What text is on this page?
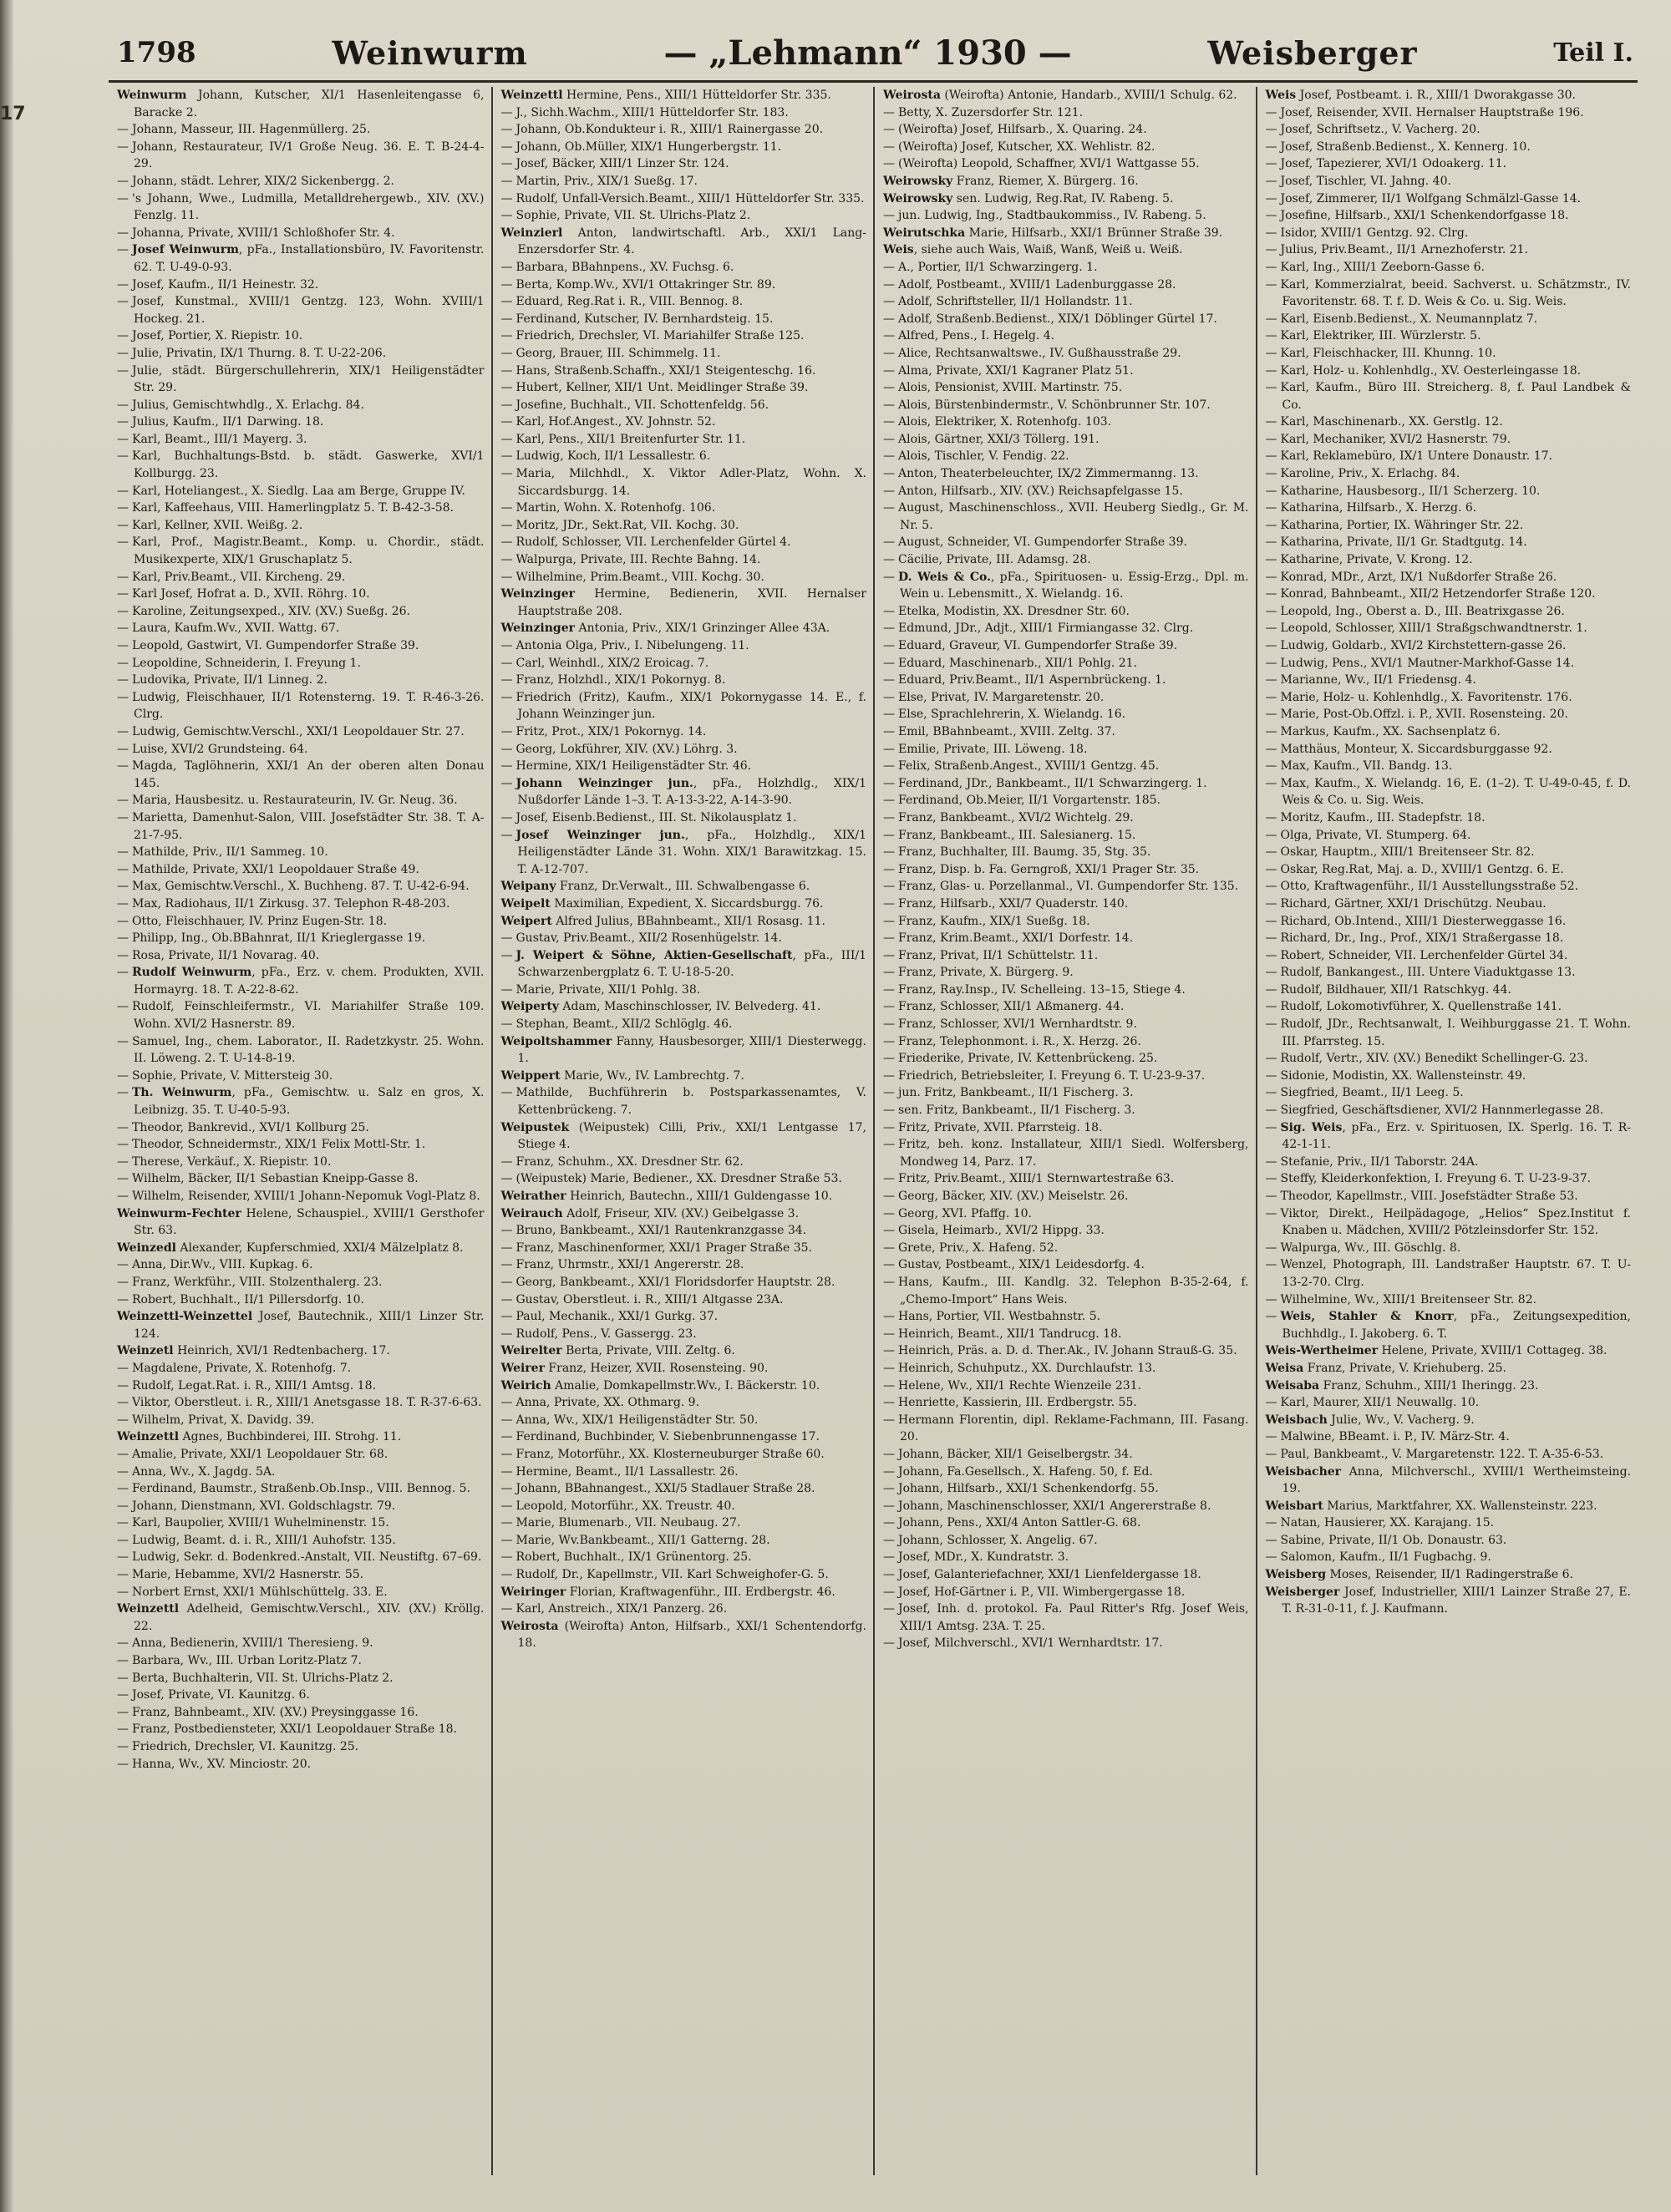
17
1798	Weinwurm	— „Lehmann“ 1930 —	Weisberger	Teil I.

Weinwurm Johann, Kutscher, XI/1 Hasenleitengasse 6, Baracke 2.

— Johann, Masseur, III. Hagenmüllerg. 25.

— Johann, Restaurateur, IV/1 Große Neug. 36. E. T. B-24-4-29.

— Johann, städt. Lehrer, XIX/2 Sickenbergg. 2.

— 's Johann, Wwe., Ludmilla, Metalldrehergewb., XIV. (XV.) Fenzlg. 11.

— Johanna, Private, XVIII/1 Schloßhofer Str. 4.

— Josef Weinwurm, pFa., Installationsbüro, IV. Favoritenstr. 62. T. U-49-0-93.

— Josef, Kaufm., II/1 Heinestr. 32.

— Josef, Kunstmal., XVIII/1 Gentzg. 123, Wohn. XVIII/1 Hockeg. 21.

— Josef, Portier, X. Riepistr. 10.

— Julie, Privatin, IX/1 Thurng. 8. T. U-22-206.

— Julie, städt. Bürgerschullehrerin, XIX/1 Heiligenstädter Str. 29.

— Julius, Gemischtwhdlg., X. Erlachg. 84.

— Julius, Kaufm., II/1 Darwing. 18.

— Karl, Beamt., III/1 Mayerg. 3.

— Karl, Buchhaltungs-Bstd. b. städt. Gaswerke, XVI/1 Kollburgg. 23.

— Karl, Hoteliangest., X. Siedlg. Laa am Berge, Gruppe IV.

— Karl, Kaffeehaus, VIII. Hamerlingplatz 5. T. B-42-3-58.

— Karl, Kellner, XVII. Weißg. 2.

— Karl, Prof., Magistr.Beamt., Komp. u. Chordir., städt. Musikexperte, XIX/1 Gruschaplatz 5.

— Karl, Priv.Beamt., VII. Kircheng. 29.

— Karl Josef, Hofrat a. D., XVII. Röhrg. 10.

— Karoline, Zeitungsexped., XIV. (XV.) Sueßg. 26.

— Laura, Kaufm.Wv., XVII. Wattg. 67.

— Leopold, Gastwirt, VI. Gumpendorfer Straße 39.

— Leopoldine, Schneiderin, I. Freyung 1.

— Ludovika, Private, II/1 Linneg. 2.

— Ludwig, Fleischhauer, II/1 Rotensterng. 19. T. R-46-3-26. Clrg.

— Ludwig, Gemischtw.Verschl., XXI/1 Leopoldauer Str. 27.

— Luise, XVI/2 Grundsteing. 64.

— Magda, Taglöhnerin, XXI/1 An der oberen alten Donau 145.

— Maria, Hausbesitz. u. Restaurateurin, IV. Gr. Neug. 36.

— Marietta, Damenhut-Salon, VIII. Josefstädter Str. 38. T. A-21-7-95.

— Mathilde, Priv., II/1 Sammeg. 10.

— Mathilde, Private, XXI/1 Leopoldauer Straße 49.

— Max, Gemischtw.Verschl., X. Buchheng. 87. T. U-42-6-94.

— Max, Radiohaus, II/1 Zirkusg. 37. Telephon R-48-203.

— Otto, Fleischhauer, IV. Prinz Eugen-Str. 18.

— Philipp, Ing., Ob.BBahnrat, II/1 Krieglergasse 19.

— Rosa, Private, II/1 Novarag. 40.

— Rudolf Weinwurm, pFa., Erz. v. chem. Produkten, XVII. Hormayrg. 18. T. A-22-8-62.

— Rudolf, Feinschleifermstr., VI. Mariahilfer Straße 109. Wohn. XVI/2 Hasnerstr. 89.

— Samuel, Ing., chem. Laborator., II. Radetzkystr. 25. Wohn. II. Löweng. 2. T. U-14-8-19.

— Sophie, Private, V. Mittersteig 30.

— Th. Weinwurm, pFa., Gemischtw. u. Salz en gros, X. Leibnizg. 35. T. U-40-5-93.

— Theodor, Bankrevid., XVI/1 Kollburg 25.

— Theodor, Schneidermstr., XIX/1 Felix Mottl-Str. 1.

— Therese, Verkäuf., X. Riepistr. 10.

— Wilhelm, Bäcker, II/1 Sebastian Kneipp-Gasse 8.

— Wilhelm, Reisender, XVIII/1 Johann-Nepomuk Vogl-Platz 8.

Weinwurm-Fechter Helene, Schauspiel., XVIII/1 Gersthofer Str. 63.

Weinzedl Alexander, Kupferschmied, XXI/4 Mälzelplatz 8.

— Anna, Dir.Wv., VIII. Kupkag. 6.

— Franz, Werkführ., VIII. Stolzenthalerg. 23.

— Robert, Buchhalt., II/1 Pillersdorfg. 10.

Weinzettl-Weinzettel Josef, Bautechnik., XIII/1 Linzer Str. 124.

Weinzetl Heinrich, XVI/1 Redtenbacherg. 17.

— Magdalene, Private, X. Rotenhofg. 7.

— Rudolf, Legat.Rat. i. R., XIII/1 Amtsg. 18.

— Viktor, Oberstleut. i. R., XIII/1 Anetsgasse 18. T. R-37-6-63.

— Wilhelm, Privat, X. Davidg. 39.

Weinzettl Agnes, Buchbinderei, III. Strohg. 11.

— Amalie, Private, XXI/1 Leopoldauer Str. 68.

— Anna, Wv., X. Jagdg. 5A.

— Ferdinand, Baumstr., Straßenb.Ob.Insp., VIII. Bennog. 5.

— Johann, Dienstmann, XVI. Goldschlagstr. 79.

— Karl, Baupolier, XVIII/1 Wuhelminenstr. 15.

— Ludwig, Beamt. d. i. R., XIII/1 Auhofstr. 135.

— Ludwig, Sekr. d. Bodenkred.-Anstalt, VII. Neustiftg. 67–69.

— Marie, Hebamme, XVI/2 Hasnerstr. 55.

— Norbert Ernst, XXI/1 Mühlschüttelg. 33. E.

Weinzettl Adelheid, Gemischtw.Verschl., XIV. (XV.) Kröllg. 22.

— Anna, Bedienerin, XVIII/1 Theresieng. 9.

— Barbara, Wv., III. Urban Loritz-Platz 7.

— Berta, Buchhalterin, VII. St. Ulrichs-Platz 2.

— Josef, Private, VI. Kaunitzg. 6.

— Franz, Bahnbeamt., XIV. (XV.) Preysinggasse 16.

— Franz, Postbediensteter, XXI/1 Leopoldauer Straße 18.

— Friedrich, Drechsler, VI. Kaunitzg. 25.

— Hanna, Wv., XV. Minciostr. 20.

Weinzettl Hermine, Pens., XIII/1 Hütteldorfer Str. 335.

— J., Sichh.Wachm., XIII/1 Hütteldorfer Str. 183.

— Johann, Ob.Kondukteur i. R., XIII/1 Rainergasse 20.

— Johann, Ob.Müller, XIX/1 Hungerbergstr. 11.

— Josef, Bäcker, XIII/1 Linzer Str. 124.

— Martin, Priv., XIX/1 Sueßg. 17.

— Rudolf, Unfall-Versich.Beamt., XIII/1 Hütteldorfer Str. 335.

— Sophie, Private, VII. St. Ulrichs-Platz 2.

Weinzierl Anton, landwirtschaftl. Arb., XXI/1 Lang-Enzersdorfer Str. 4.

— Barbara, BBahnpens., XV. Fuchsg. 6.

— Berta, Komp.Wv., XVI/1 Ottakringer Str. 89.

— Eduard, Reg.Rat i. R., VIII. Bennog. 8.

— Ferdinand, Kutscher, IV. Bernhardsteig. 15.

— Friedrich, Drechsler, VI. Mariahilfer Straße 125.

— Georg, Brauer, III. Schimmelg. 11.

— Hans, Straßenb.Schaffn., XXI/1 Steigenteschg. 16.

— Hubert, Kellner, XII/1 Unt. Meidlinger Straße 39.

— Josefine, Buchhalt., VII. Schottenfeldg. 56.

— Karl, Hof.Angest., XV. Johnstr. 52.

— Karl, Pens., XII/1 Breitenfurter Str. 11.

— Ludwig, Koch, II/1 Lessallestr. 6.

— Maria, Milchhdl., X. Viktor Adler-Platz, Wohn. X. Siccardsburgg. 14.

— Martin, Wohn. X. Rotenhofg. 106.

— Moritz, JDr., Sekt.Rat, VII. Kochg. 30.

— Rudolf, Schlosser, VII. Lerchenfelder Gürtel 4.

— Walpurga, Private, III. Rechte Bahng. 14.

— Wilhelmine, Prim.Beamt., VIII. Kochg. 30.

Weinzinger Hermine, Bedienerin, XVII. Hernalser Hauptstraße 208.

Weinzinger Antonia, Priv., XIX/1 Grinzinger Allee 43A.

— Antonia Olga, Priv., I. Nibelungeng. 11.

— Carl, Weinhdl., XIX/2 Eroicag. 7.

— Franz, Holzhdl., XIX/1 Pokornyg. 8.

— Friedrich (Fritz), Kaufm., XIX/1 Pokornygasse 14. E., f. Johann Weinzinger jun.

— Fritz, Prot., XIX/1 Pokornyg. 14.

— Georg, Lokführer, XIV. (XV.) Löhrg. 3.

— Hermine, XIX/1 Heiligenstädter Str. 46.

— Johann Weinzinger jun., pFa., Holzhdlg., XIX/1 Nußdorfer Lände 1–3. T. A-13-3-22, A-14-3-90.

— Josef, Eisenb.Bedienst., III. St. Nikolausplatz 1.

— Josef Weinzinger jun., pFa., Holzhdlg., XIX/1 Heiligenstädter Lände 31. Wohn. XIX/1 Barawitzkag. 15. T. A-12-707.

Weipany Franz, Dr.Verwalt., III. Schwalbengasse 6.

Weipelt Maximilian, Expedient, X. Siccardsburgg. 76.

Weipert Alfred Julius, BBahnbeamt., XII/1 Rosasg. 11.

— Gustav, Priv.Beamt., XII/2 Rosenhügelstr. 14.

— J. Weipert & Söhne, Aktien-Gesellschaft, pFa., III/1 Schwarzenbergplatz 6. T. U-18-5-20.

— Marie, Private, XII/1 Pohlg. 38.

Weiperty Adam, Maschinschlosser, IV. Belvederg. 41.

— Stephan, Beamt., XII/2 Schlöglg. 46.

Weipoltshammer Fanny, Hausbesorger, XIII/1 Diesterwegg. 1.

Weippert Marie, Wv., IV. Lambrechtg. 7.

— Mathilde, Buchführerin b. Postsparkassenamtes, V. Kettenbrückeng. 7.

Weipustek (Weipustek) Cilli, Priv., XXI/1 Lentgasse 17, Stiege 4.

— Franz, Schuhm., XX. Dresdner Str. 62.

— (Weipustek) Marie, Bediener., XX. Dresdner Straße 53.

Weirather Heinrich, Bautechn., XIII/1 Guldengasse 10.

Weirauch Adolf, Friseur, XIV. (XV.) Geibelgasse 3.

— Bruno, Bankbeamt., XXI/1 Rautenkranzgasse 34.

— Franz, Maschinenformer, XXI/1 Prager Straße 35.

— Franz, Uhrmstr., XXI/1 Angererstr. 28.

— Georg, Bankbeamt., XXI/1 Floridsdorfer Hauptstr. 28.

— Gustav, Oberstleut. i. R., XIII/1 Altgasse 23A.

— Paul, Mechanik., XXI/1 Gurkg. 37.

— Rudolf, Pens., V. Gassergg. 23.

Weirelter Berta, Private, VIII. Zeltg. 6.

Weirer Franz, Heizer, XVII. Rosensteing. 90.

Weirich Amalie, Domkapellmstr.Wv., I. Bäckerstr. 10.

— Anna, Private, XX. Othmarg. 9.

— Anna, Wv., XIX/1 Heiligenstädter Str. 50.

— Ferdinand, Buchbinder, V. Siebenbrunnengasse 17.

— Franz, Motorführ., XX. Klosterneuburger Straße 60.

— Hermine, Beamt., II/1 Lassallestr. 26.

— Johann, BBahnangest., XXI/5 Stadlauer Straße 28.

— Leopold, Motorführ., XX. Treustr. 40.

— Marie, Blumenarb., VII. Neubaug. 27.

— Marie, Wv.Bankbeamt., XII/1 Gatterng. 28.

— Robert, Buchhalt., IX/1 Grünentorg. 25.

— Rudolf, Dr., Kapellmstr., VII. Karl Schweighofer-G. 5.

Weiringer Florian, Kraftwagenführ., III. Erdbergstr. 46.

— Karl, Anstreich., XIX/1 Panzerg. 26.

Weirosta (Weirofta) Anton, Hilfsarb., XXI/1 Schentendorfg. 18.

Weirosta (Weirofta) Antonie, Handarb., XVIII/1 Schulg. 62.

— Betty, X. Zuzersdorfer Str. 121.

— (Weirofta) Josef, Hilfsarb., X. Quaring. 24.

— (Weirofta) Josef, Kutscher, XX. Wehlistr. 82.

— (Weirofta) Leopold, Schaffner, XVI/1 Wattgasse 55.

Weirowsky Franz, Riemer, X. Bürgerg. 16.

Weirowsky sen. Ludwig, Reg.Rat, IV. Rabeng. 5.

— jun. Ludwig, Ing., Stadtbaukommiss., IV. Rabeng. 5.

Weirutschka Marie, Hilfsarb., XXI/1 Brünner Straße 39.

Weis, siehe auch Wais, Waiß, Wanß, Weiß u. Weiß.

— A., Portier, II/1 Schwarzingerg. 1.

— Adolf, Postbeamt., XVIII/1 Ladenburggasse 28.

— Adolf, Schriftsteller, II/1 Hollandstr. 11.

— Adolf, Straßenb.Bedienst., XIX/1 Döblinger Gürtel 17.

— Alfred, Pens., I. Hegelg. 4.

— Alice, Rechtsanwaltswe., IV. Gußhausstraße 29.

— Alma, Private, XXI/1 Kagraner Platz 51.

— Alois, Pensionist, XVIII. Martinstr. 75.

— Alois, Bürstenbindermstr., V. Schönbrunner Str. 107.

— Alois, Elektriker, X. Rotenhofg. 103.

— Alois, Gärtner, XXI/3 Töllerg. 191.

— Alois, Tischler, V. Fendig. 22.

— Anton, Theaterbeleuchter, IX/2 Zimmermanng. 13.

— Anton, Hilfsarb., XIV. (XV.) Reichsapfelgasse 15.

— August, Maschinenschloss., XVII. Heuberg Siedlg., Gr. M. Nr. 5.

— August, Schneider, VI. Gumpendorfer Straße 39.

— Cäcilie, Private, III. Adamsg. 28.

— D. Weis & Co., pFa., Spirituosen- u. Essig-Erzg., Dpl. m. Wein u. Lebensmitt., X. Wielandg. 16.

— Etelka, Modistin, XX. Dresdner Str. 60.

— Edmund, JDr., Adjt., XIII/1 Firmiangasse 32. Clrg.

— Eduard, Graveur, VI. Gumpendorfer Straße 39.

— Eduard, Maschinenarb., XII/1 Pohlg. 21.

— Eduard, Priv.Beamt., II/1 Aspernbrückeng. 1.

— Else, Privat, IV. Margaretenstr. 20.

— Else, Sprachlehrerin, X. Wielandg. 16.

— Emil, BBahnbeamt., XVIII. Zeltg. 37.

— Emilie, Private, III. Löweng. 18.

— Felix, Straßenb.Angest., XVIII/1 Gentzg. 45.

— Ferdinand, JDr., Bankbeamt., II/1 Schwarzingerg. 1.

— Ferdinand, Ob.Meier, II/1 Vorgartenstr. 185.

— Franz, Bankbeamt., XVI/2 Wichtelg. 29.

— Franz, Bankbeamt., III. Salesianerg. 15.

— Franz, Buchhalter, III. Baumg. 35, Stg. 35.

— Franz, Disp. b. Fa. Gerngroß, XXI/1 Prager Str. 35.

— Franz, Glas- u. Porzellanmal., VI. Gumpendorfer Str. 135.

— Franz, Hilfsarb., XXI/7 Quaderstr. 140.

— Franz, Kaufm., XIX/1 Sueßg. 18.

— Franz, Krim.Beamt., XXI/1 Dorfestr. 14.

— Franz, Privat, II/1 Schüttelstr. 11.

— Franz, Private, X. Bürgerg. 9.

— Franz, Ray.Insp., IV. Schelleing. 13–15, Stiege 4.

— Franz, Schlosser, XII/1 Aßmanerg. 44.

— Franz, Schlosser, XVI/1 Wernhardtstr. 9.

— Franz, Telephonmont. i. R., X. Herzg. 26.

— Friederike, Private, IV. Kettenbrückeng. 25.

— Friedrich, Betriebsleiter, I. Freyung 6. T. U-23-9-37.

— jun. Fritz, Bankbeamt., II/1 Fischerg. 3.

— sen. Fritz, Bankbeamt., II/1 Fischerg. 3.

— Fritz, Private, XVII. Pfarrsteig. 18.

— Fritz, beh. konz. Installateur, XIII/1 Siedl. Wolfersberg, Mondweg 14, Parz. 17.

— Fritz, Priv.Beamt., XIII/1 Sternwartestraße 63.

— Georg, Bäcker, XIV. (XV.) Meiselstr. 26.

— Georg, XVI. Pfaffg. 10.

— Gisela, Heimarb., XVI/2 Hippg. 33.

— Grete, Priv., X. Hafeng. 52.

— Gustav, Postbeamt., XIX/1 Leidesdorfg. 4.

— Hans, Kaufm., III. Kandlg. 32. Telephon B-35-2-64, f. „Chemo-Import“ Hans Weis.

— Hans, Portier, VII. Westbahnstr. 5.

— Heinrich, Beamt., XII/1 Tandrucg. 18.

— Heinrich, Präs. a. D. d. Ther.Ak., IV. Johann Strauß-G. 35.

— Heinrich, Schuhputz., XX. Durchlaufstr. 13.

— Helene, Wv., XII/1 Rechte Wienzeile 231.

— Henriette, Kassierin, III. Erdbergstr. 55.

— Hermann Florentin, dipl. Reklame-Fachmann, III. Fasang. 20.

— Johann, Bäcker, XII/1 Geiselbergstr. 34.

— Johann, Fa.Gesellsch., X. Hafeng. 50, f. Ed.

— Johann, Hilfsarb., XXI/1 Schenkendorfg. 55.

— Johann, Maschinenschlosser, XXI/1 Angererstraße 8.

— Johann, Pens., XXI/4 Anton Sattler-G. 68.

— Johann, Schlosser, X. Angelig. 67.

— Josef, MDr., X. Kundratstr. 3.

— Josef, Galanteriefachner, XXI/1 Lienfeldergasse 18.

— Josef, Hof-Gärtner i. P., VII. Wimbergergasse 18.

— Josef, Inh. d. protokol. Fa. Paul Ritter's Rfg. Josef Weis, XIII/1 Amtsg. 23A. T. 25.

— Josef, Milchverschl., XVI/1 Wernhardtstr. 17.

Weis Josef, Postbeamt. i. R., XIII/1 Dworakgasse 30.

— Josef, Reisender, XVII. Hernalser Hauptstraße 196.

— Josef, Schriftsetz., V. Vacherg. 20.

— Josef, Straßenb.Bedienst., X. Kennerg. 10.

— Josef, Tapezierer, XVI/1 Odoakerg. 11.

— Josef, Tischler, VI. Jahng. 40.

— Josef, Zimmerer, II/1 Wolfgang Schmälzl-Gasse 14.

— Josefine, Hilfsarb., XXI/1 Schenkendorfgasse 18.

— Isidor, XVIII/1 Gentzg. 92. Clrg.

— Julius, Priv.Beamt., II/1 Arnezhoferstr. 21.

— Karl, Ing., XIII/1 Zeeborn-Gasse 6.

— Karl, Kommerzialrat, beeid. Sachverst. u. Schätzmstr., IV. Favoritenstr. 68. T. f. D. Weis & Co. u. Sig. Weis.

— Karl, Eisenb.Bedienst., X. Neumannplatz 7.

— Karl, Elektriker, III. Würzlerstr. 5.

— Karl, Fleischhacker, III. Khunng. 10.

— Karl, Holz- u. Kohlenhdlg., XV. Oesterleingasse 18.

— Karl, Kaufm., Büro III. Streicherg. 8, f. Paul Landbek & Co.

— Karl, Maschinenarb., XX. Gerstlg. 12.

— Karl, Mechaniker, XVI/2 Hasnerstr. 79.

— Karl, Reklamebüro, IX/1 Untere Donaustr. 17.

— Karoline, Priv., X. Erlachg. 84.

— Katharine, Hausbesorg., II/1 Scherzerg. 10.

— Katharina, Hilfsarb., X. Herzg. 6.

— Katharina, Portier, IX. Währinger Str. 22.

— Katharina, Private, II/1 Gr. Stadtgutg. 14.

— Katharine, Private, V. Krong. 12.

— Konrad, MDr., Arzt, IX/1 Nußdorfer Straße 26.

— Konrad, Bahnbeamt., XII/2 Hetzendorfer Straße 120.

— Leopold, Ing., Oberst a. D., III. Beatrixgasse 26.

— Leopold, Schlosser, XIII/1 Straßgschwandtnerstr. 1.

— Ludwig, Goldarb., XVI/2 Kirchstettern-gasse 26.

— Ludwig, Pens., XVI/1 Mautner-Markhof-Gasse 14.

— Marianne, Wv., II/1 Friedensg. 4.

— Marie, Holz- u. Kohlenhdlg., X. Favoritenstr. 176.

— Marie, Post-Ob.Offzl. i. P., XVII. Rosensteing. 20.

— Markus, Kaufm., XX. Sachsenplatz 6.

— Matthäus, Monteur, X. Siccardsburggasse 92.

— Max, Kaufm., VII. Bandg. 13.

— Max, Kaufm., X. Wielandg. 16, E. (1–2). T. U-49-0-45, f. D. Weis & Co. u. Sig. Weis.

— Moritz, Kaufm., III. Stadepfstr. 18.

— Olga, Private, VI. Stumperg. 64.

— Oskar, Hauptm., XIII/1 Breitenseer Str. 82.

— Oskar, Reg.Rat, Maj. a. D., XVIII/1 Gentzg. 6. E.

— Otto, Kraftwagenführ., II/1 Ausstellungsstraße 52.

— Richard, Gärtner, XXI/1 Drischützg. Neubau.

— Richard, Ob.Intend., XIII/1 Diesterweggasse 16.

— Richard, Dr., Ing., Prof., XIX/1 Straßergasse 18.

— Robert, Schneider, VII. Lerchenfelder Gürtel 34.

— Rudolf, Bankangest., III. Untere Viaduktgasse 13.

— Rudolf, Bildhauer, XII/1 Ratschkyg. 44.

— Rudolf, Lokomotivführer, X. Quellenstraße 141.

— Rudolf, JDr., Rechtsanwalt, I. Weihburggasse 21. T. Wohn. III. Pfarrsteg. 15.

— Rudolf, Vertr., XIV. (XV.) Benedikt Schellinger-G. 23.

— Sidonie, Modistin, XX. Wallensteinstr. 49.

— Siegfried, Beamt., II/1 Leeg. 5.

— Siegfried, Geschäftsdiener, XVI/2 Hannmerlegasse 28.

— Sig. Weis, pFa., Erz. v. Spirituosen, IX. Sperlg. 16. T. R-42-1-11.

— Stefanie, Priv., II/1 Taborstr. 24A.

— Steffy, Kleiderkonfektion, I. Freyung 6. T. U-23-9-37.

— Theodor, Kapellmstr., VIII. Josefstädter Straße 53.

— Viktor, Direkt., Heilpädagoge, „Helios“ Spez.Institut f. Knaben u. Mädchen, XVIII/2 Pötzleinsdorfer Str. 152.

— Walpurga, Wv., III. Göschlg. 8.

— Wenzel, Photograph, III. Landstraßer Hauptstr. 67. T. U-13-2-70. Clrg.

— Wilhelmine, Wv., XIII/1 Breitenseer Str. 82.

— Weis, Stahler & Knorr, pFa., Zeitungsexpedition, Buchhdlg., I. Jakoberg. 6. T.

Weis-Wertheimer Helene, Private, XVIII/1 Cottageg. 38.

Weisa Franz, Private, V. Kriehuberg. 25.

Weisaba Franz, Schuhm., XIII/1 Iheringg. 23.

— Karl, Maurer, XII/1 Neuwallg. 10.

Weisbach Julie, Wv., V. Vacherg. 9.

— Malwine, BBeamt. i. P., IV. März-Str. 4.

— Paul, Bankbeamt., V. Margaretenstr. 122. T. A-35-6-53.

Weisbacher Anna, Milchverschl., XVIII/1 Wertheimsteing. 19.

Weisbart Marius, Marktfahrer, XX. Wallensteinstr. 223.

— Natan, Hausierer, XX. Karajang. 15.

— Sabine, Private, II/1 Ob. Donaustr. 63.

— Salomon, Kaufm., II/1 Fugbachg. 9.

Weisberg Moses, Reisender, II/1 Radingerstraße 6.

Weisberger Josef, Industrieller, XIII/1 Lainzer Straße 27, E. T. R-31-0-11, f. J. Kaufmann.
